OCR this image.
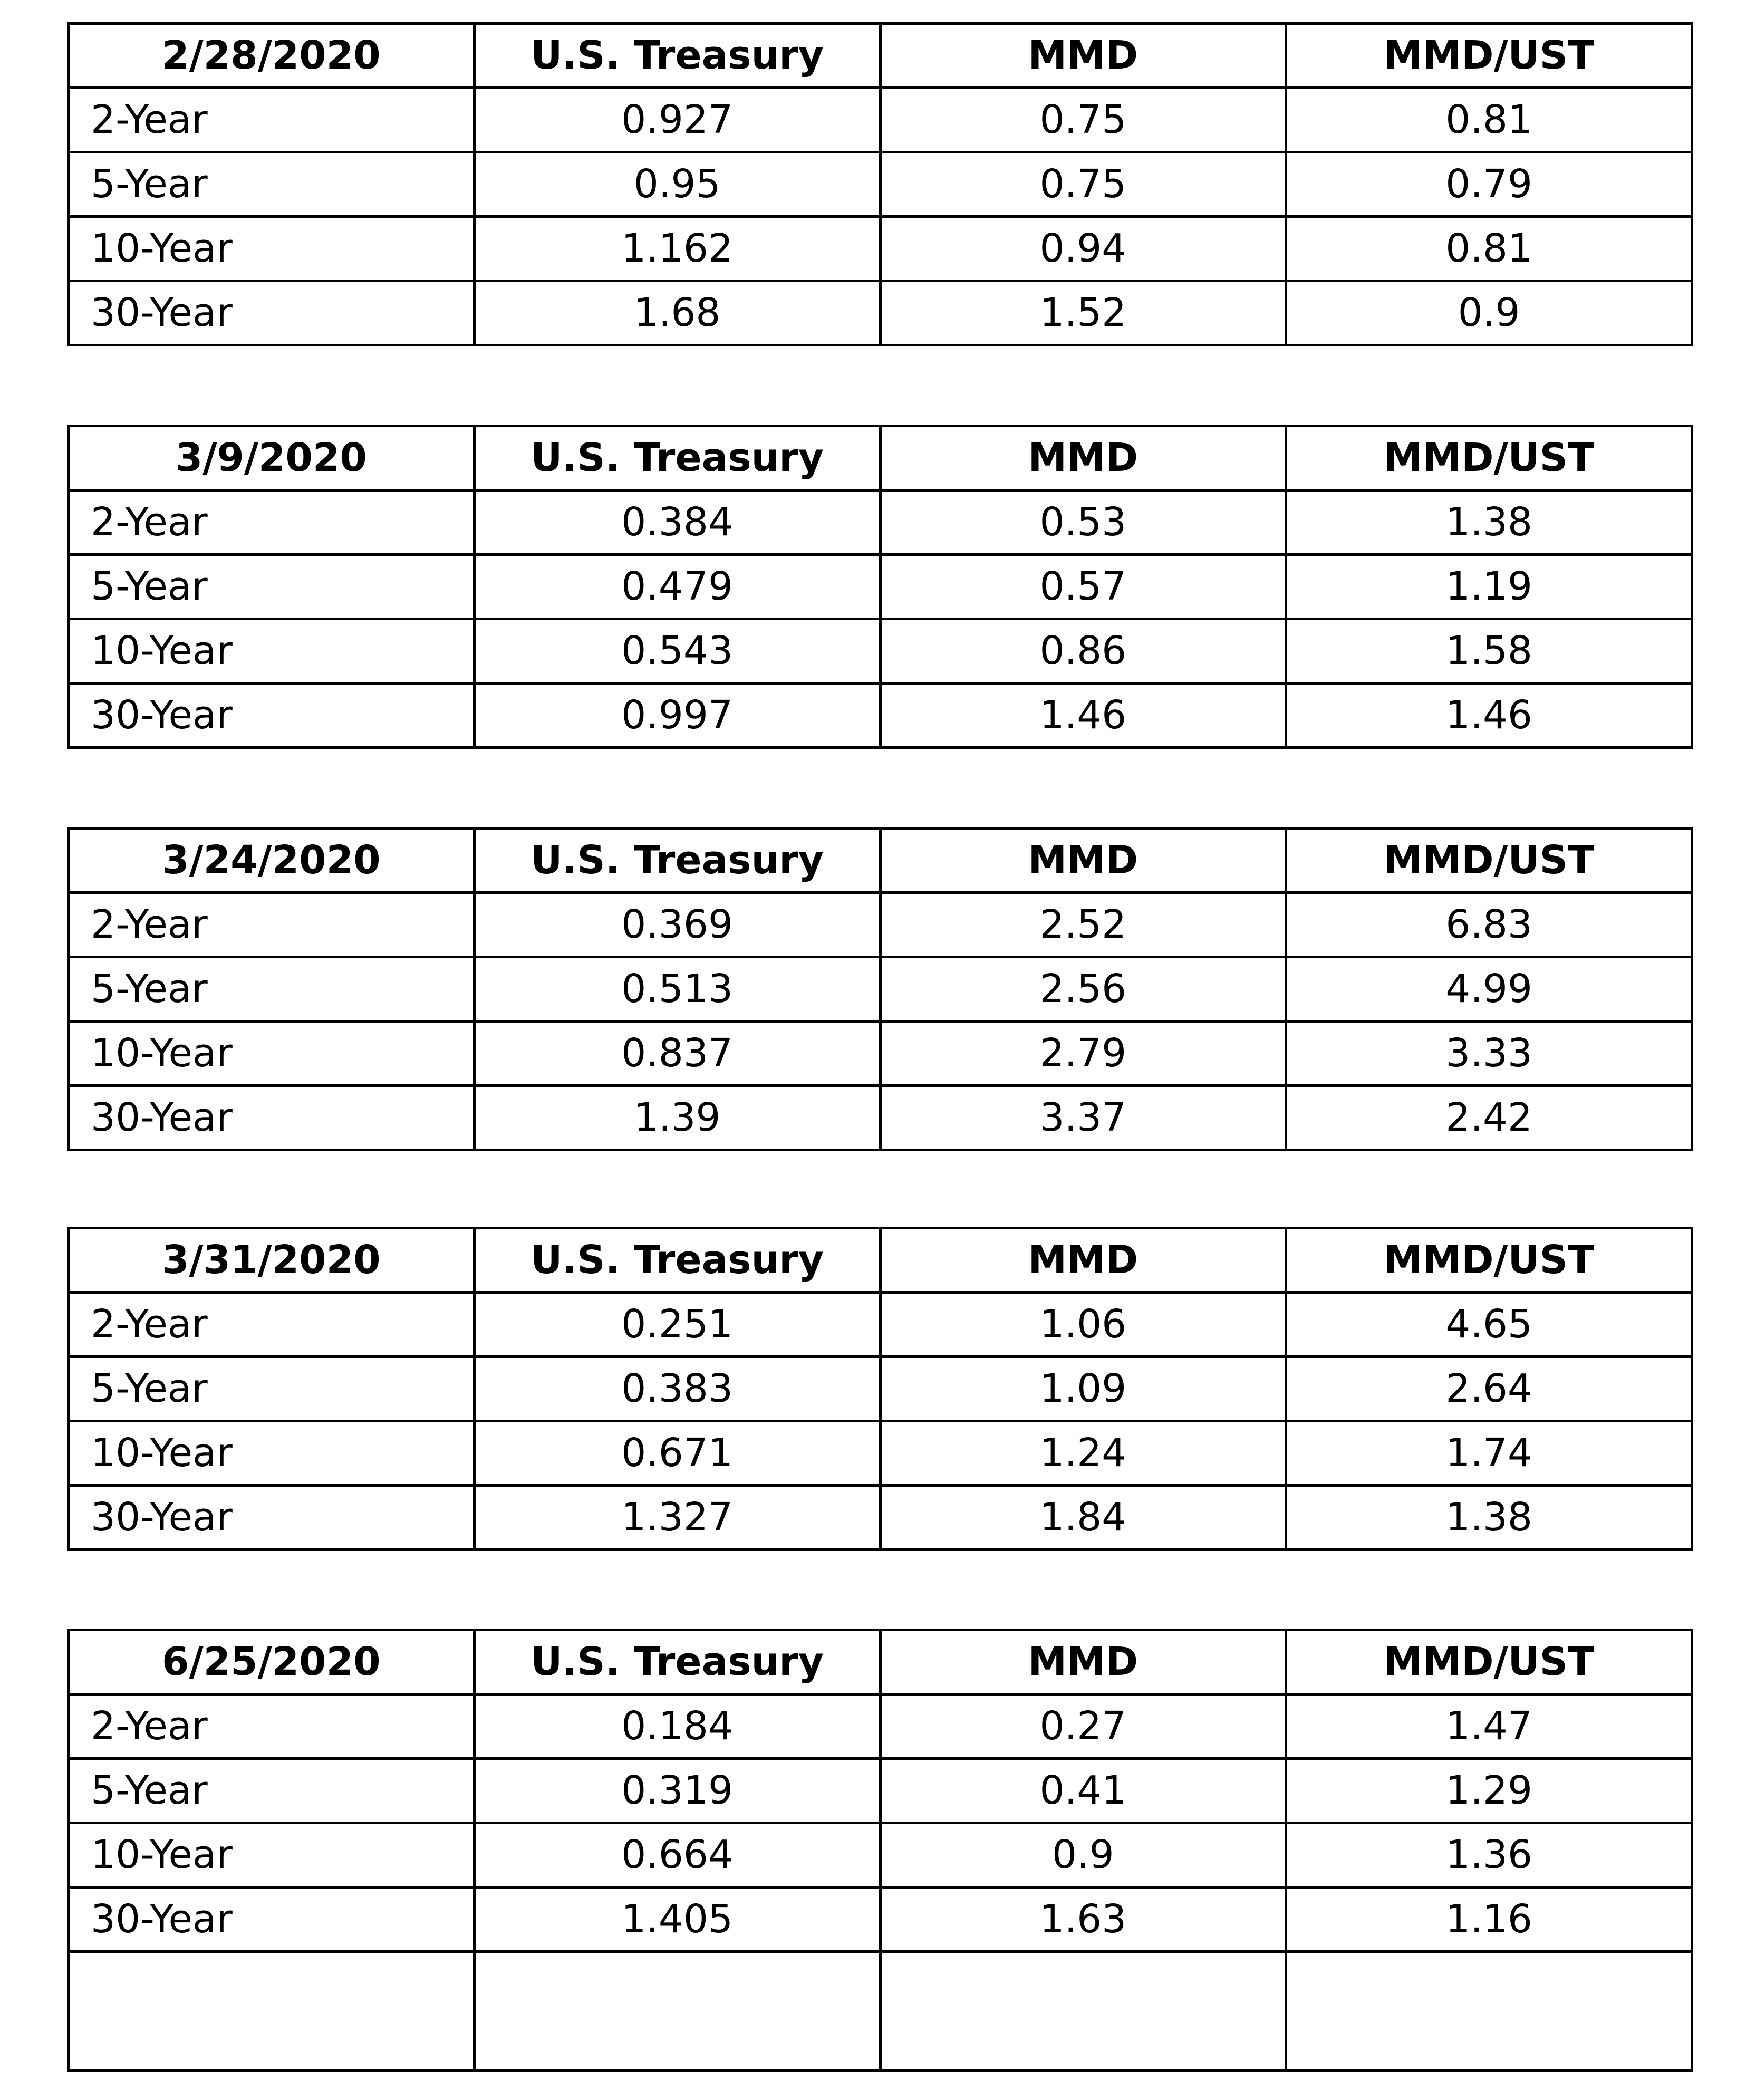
2/28/2020	U.S. Treasury	MMD	MMD/UST
2-Year	0.927	0.75	0.81
5-Year	0.95	0.75	0.79
10-Year	1.162	0.94	0.81
30-Year	1.68	1.52	0.9
3/9/2020	U.S. Treasury	MMD	MMD/UST
2-Year	0.384	0.53	1.38
5-Year	0.479	0.57	1.19
10-Year	0.543	0.86	1.58
30-Year	0.997	1.46	1.46
3/24/2020	U.S. Treasury	MMD	MMD/UST
2-Year	0.369	2.52	6.83
5-Year	0.513	2.56	4.99
10-Year	0.837	2.79	3.33
30-Year	1.39	3.37	2.42
3/31/2020	U.S. Treasury	MMD	MMD/UST
2-Year	0.251	1.06	4.65
5-Year	0.383	1.09	2.64
10-Year	0.671	1.24	1.74
30-Year	1.327	1.84	1.38
6/25/2020	U.S. Treasury	MMD	MMD/UST
2-Year	0.184	0.27	1.47
5-Year	0.319	0.41	1.29
10-Year	0.664	0.9	1.36
30-Year	1.405	1.63	1.16
